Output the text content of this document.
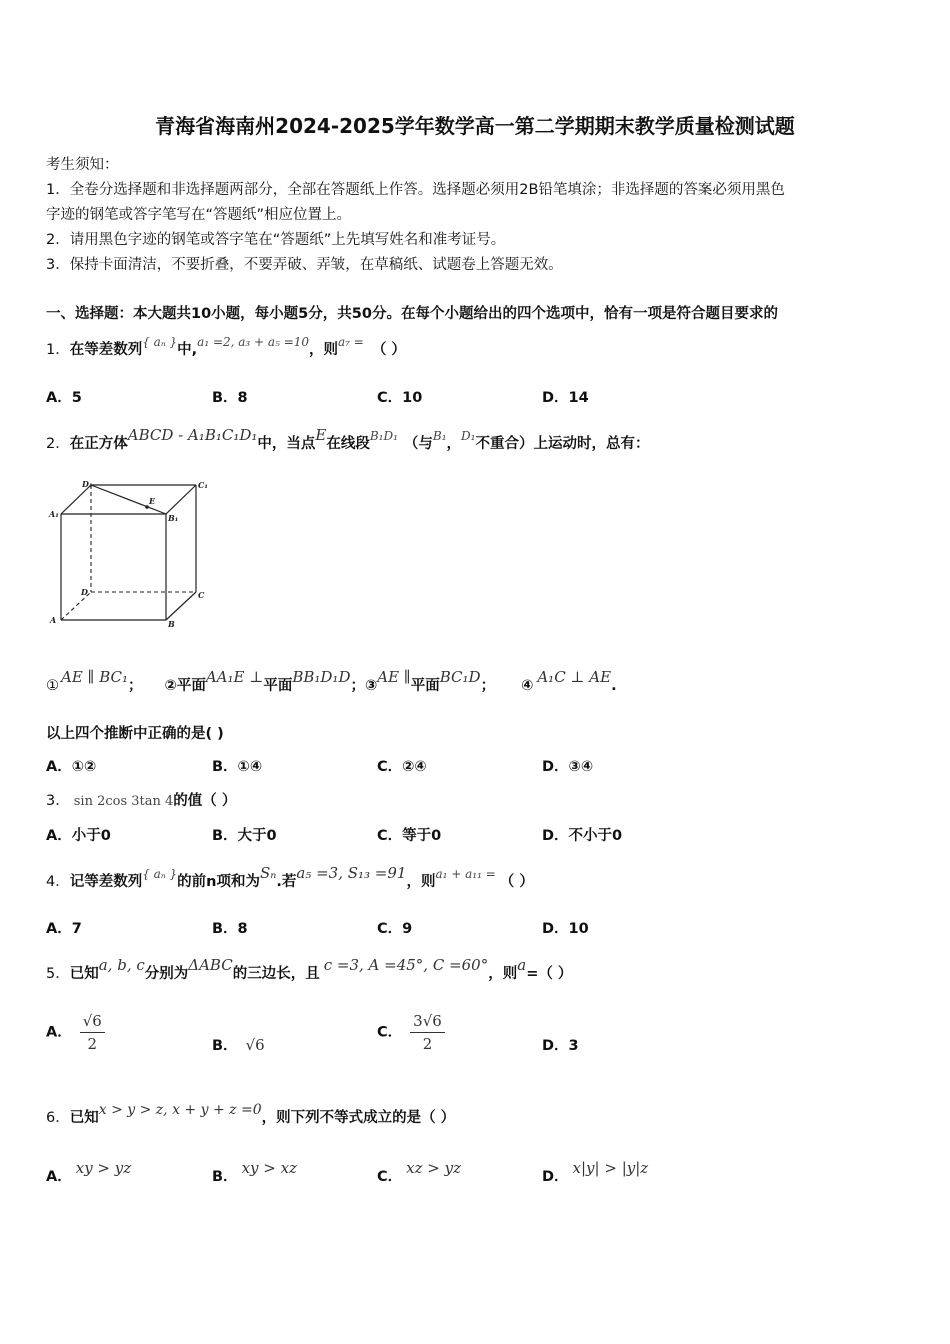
青海省海南州2024-2025学年数学高一第二学期期末教学质量检测试题
考生须知：
1．全卷分选择题和非选择题两部分，全部在答题纸上作答。选择题必须用2B铅笔填涂；非选择题的答案必须用黑色
字迹的钢笔或答字笔写在“答题纸”相应位置上。
2．请用黑色字迹的钢笔或答字笔在“答题纸”上先填写姓名和准考证号。
3．保持卡面清洁，不要折叠，不要弄破、弄皱，在草稿纸、试题卷上答题无效。
一、选择题：本大题共10小题，每小题5分，共50分。在每个小题给出的四个选项中，恰有一项是符合题目要求的
1．在等差数列$^{\{ a_n \}}$中,$^{a_1 =2, a_3 + a_5 =10}$，则$^{a_7 =}$ （ ）
A．5	B．8	C．10	D．14
2．在正方体ABCD - A₁B₁C₁D₁中，当点E在线段$^{B_1D_1}$ （与$^{B_1}$，$^{D_1}$不重合）上运动时，总有：
D₁	C₁
A₁	B₁
E
D	C
A	B
① AE ∥ BC₁； ②平面AA₁E ⊥平面BB₁D₁D；③AE ∥平面BC₁D； ④ A₁C ⊥ AE.
以上四个推断中正确的是( )
A．①②	B．①④	C．②④	D．③④
3． sin 2cos 3tan 4的值（ ）
A．小于0	B．大于0	C．等于0	D．不小于0
4．记等差数列$^{\{ a_n \}}$的前n项和为Sₙ.若a₅ =3, S₁₃ =91，则$^{a_1 + a_{11} =}$ （ ）
A．7	B．8	C．9	D．10
5．已知a, b, c分别为ΔABC的三边长，且 c =3, A =45°, C =60°，则a=（ ）
A． $\frac{√6}{2}$	B． √6
C． $\frac{3√6}{2}$	D．3
6．已知x > y > z, x + y + z =0，则下列不等式成立的是（ ）
A． xy > yz	B． xy > xz	C． xz > yz	D． x|y| > |y|z
